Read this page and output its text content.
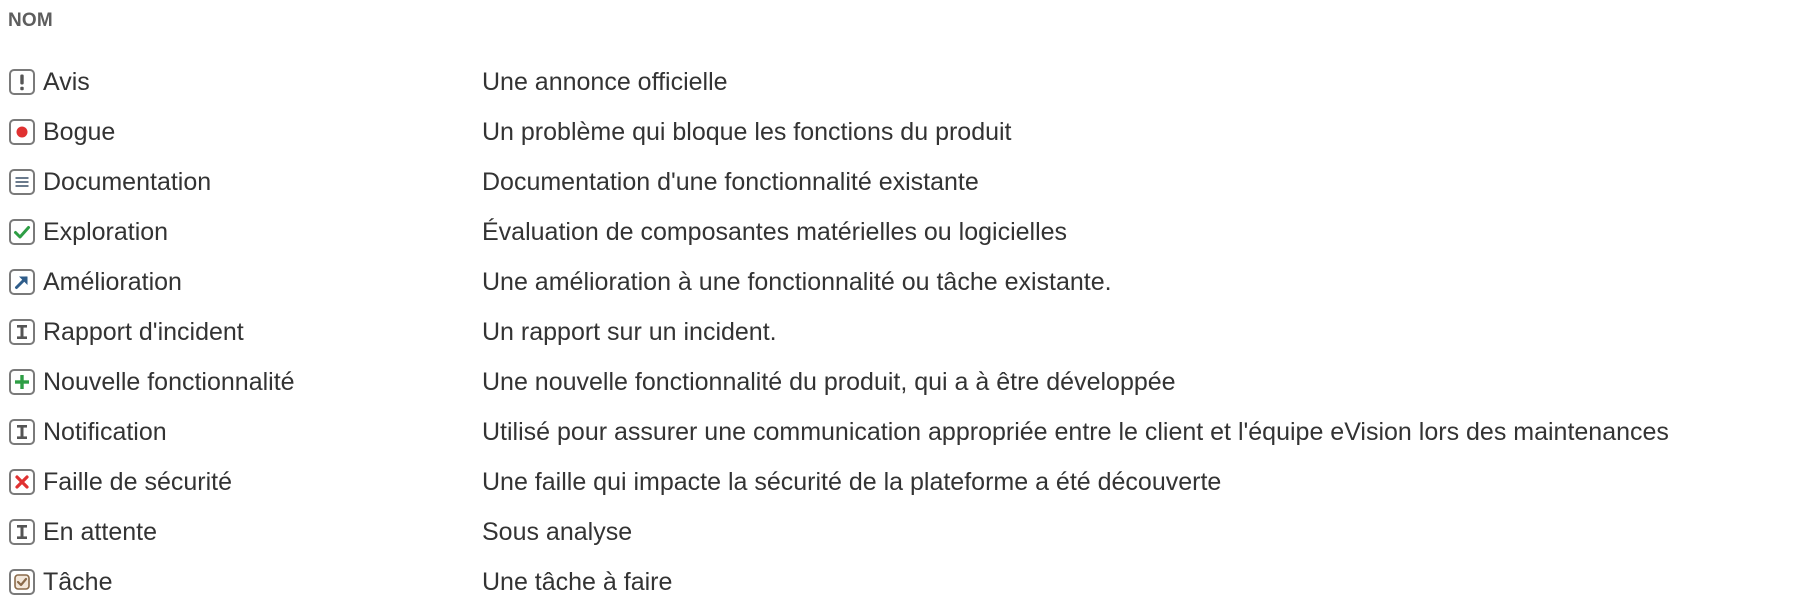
NOM
Avis	Une annonce officielle
Bogue	Un problème qui bloque les fonctions du produit
Documentation	Documentation d'une fonctionnalité existante
Exploration	Évaluation de composantes matérielles ou logicielles
Amélioration	Une amélioration à une fonctionnalité ou tâche existante.
Rapport d'incident	Un rapport sur un incident.
Nouvelle fonctionnalité	Une nouvelle fonctionnalité du produit, qui a à être développée
Notification	Utilisé pour assurer une communication appropriée entre le client et l'équipe eVision lors des maintenances
Faille de sécurité	Une faille qui impacte la sécurité de la plateforme a été découverte
En attente	Sous analyse
Tâche	Une tâche à faire
